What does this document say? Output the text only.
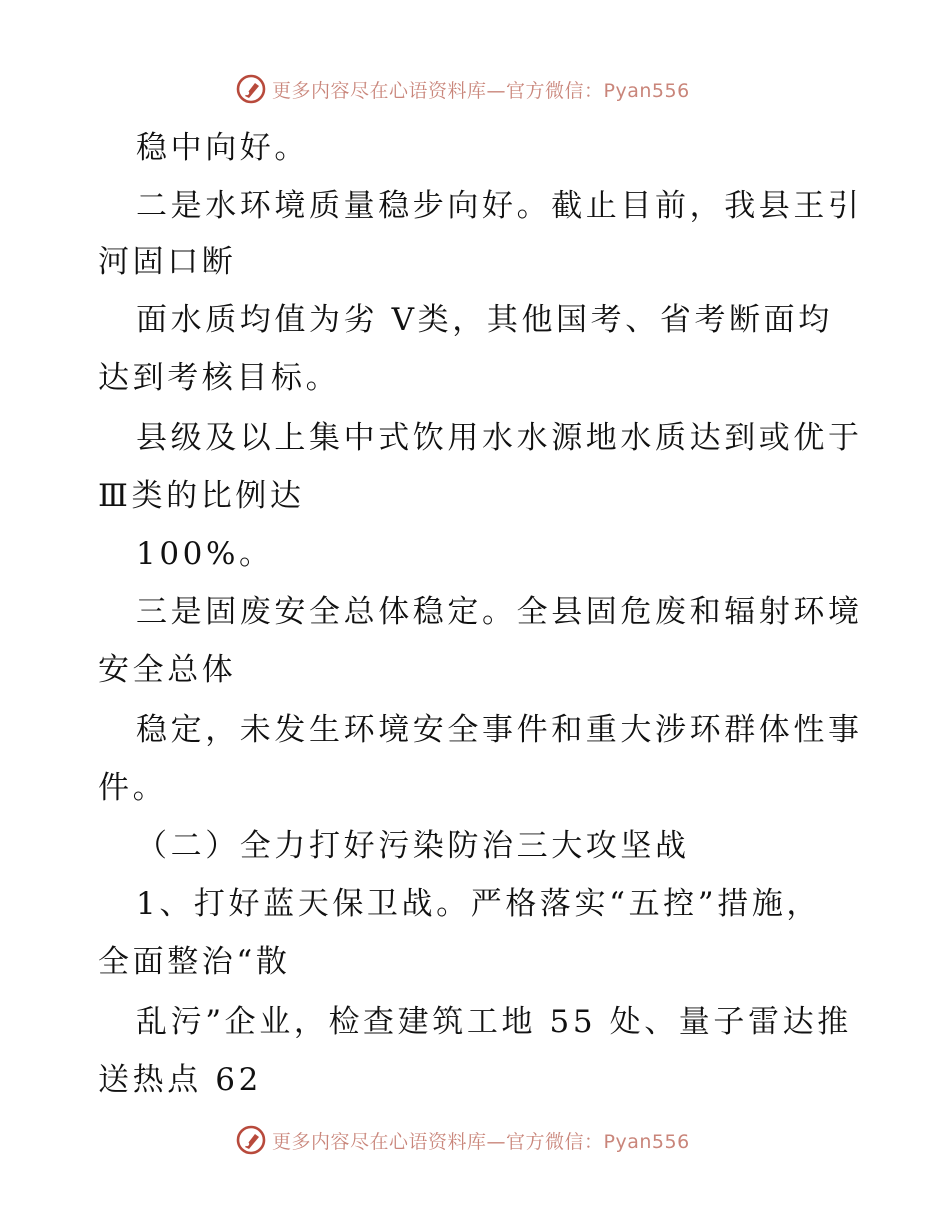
更多内容尽在心语资料库—官方微信：Pyan556
稳中向好。
二是水环境质量稳步向好。截止目前，我县王引
河固口断
面水质均值为劣 V类，其他国考、省考断面均
达到考核目标。
县级及以上集中式饮用水水源地水质达到或优于
Ⅲ类的比例达
100%。
三是固废安全总体稳定。全县固危废和辐射环境
安全总体
稳定，未发生环境安全事件和重大涉环群体性事
件。
（二）全力打好污染防治三大攻坚战
1、打好蓝天保卫战。严格落实“五控”措施，
全面整治“散
乱污”企业，检查建筑工地 55 处、量子雷达推
送热点 62
更多内容尽在心语资料库—官方微信：Pyan556
